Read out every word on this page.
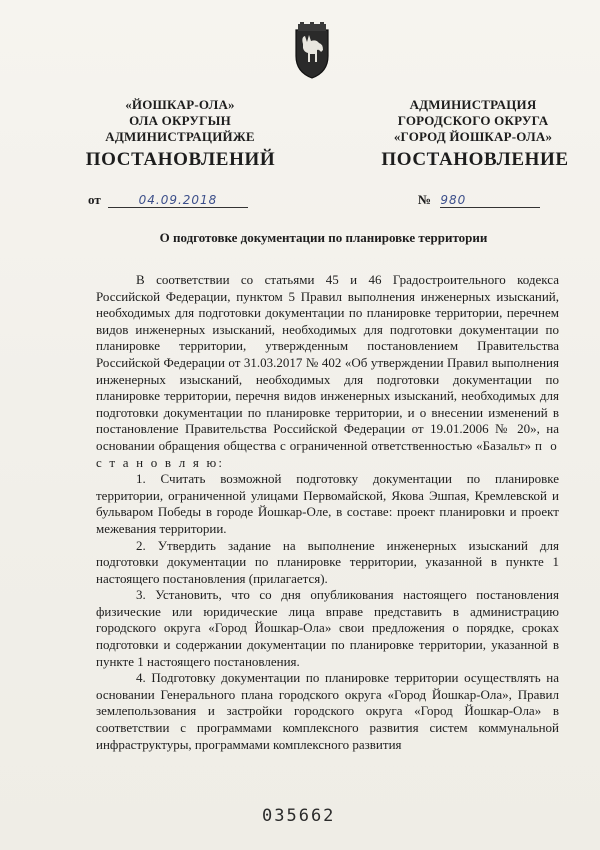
«ЙОШКАР-ОЛА»
ОЛА ОКРУГЫН
АДМИНИСТРАЦИЙЖЕ
АДМИНИСТРАЦИЯ
ГОРОДСКОГО ОКРУГА
«ГОРОД ЙОШКАР-ОЛА»
ПОСТАНОВЛЕНИЙ	ПОСТАНОВЛЕНИЕ
от	04.09.2018	№ 980
О подготовке документации по планировке территории

В соответствии со статьями 45 и 46 Градостроительного кодекса Российской Федерации, пунктом 5 Правил выполнения инженерных изысканий, необходимых для подготовки документации по планировке территории, перечнем видов инженерных изысканий, необходимых для подготовки документации по планировке территории, утвержденным постановлением Правительства Российской Федерации от 31.03.2017 № 402 «Об утверждении Правил выполнения инженерных изысканий, необходимых для подготовки документации по планировке территории, перечня видов инженерных изысканий, необходимых для подготовки документации по планировке территории, и о внесении изменений в постановление Правительства Российской Федерации от 19.01.2006 № 20», на основании обращения общества с ограниченной ответственностью «Базальт» п о с т а н о в л я ю:

1. Считать возможной подготовку документации по планировке территории, ограниченной улицами Первомайской, Якова Эшпая, Кремлевской и бульваром Победы в городе Йошкар-Оле, в составе: проект планировки и проект межевания территории.

2. Утвердить задание на выполнение инженерных изысканий для подготовки документации по планировке территории, указанной в пункте 1 настоящего постановления (прилагается).

3. Установить, что со дня опубликования настоящего постановления физические или юридические лица вправе представить в администрацию городского округа «Город Йошкар-Ола» свои предложения о порядке, сроках подготовки и содержании документации по планировке территории, указанной в пункте 1 настоящего постановления.

4. Подготовку документации по планировке территории осуществлять на основании Генерального плана городского округа «Город Йошкар-Ола», Правил землепользования и застройки городского округа «Город Йошкар-Ола» в соответствии с программами комплексного развития систем коммунальной инфраструктуры, программами комплексного развития

035662
